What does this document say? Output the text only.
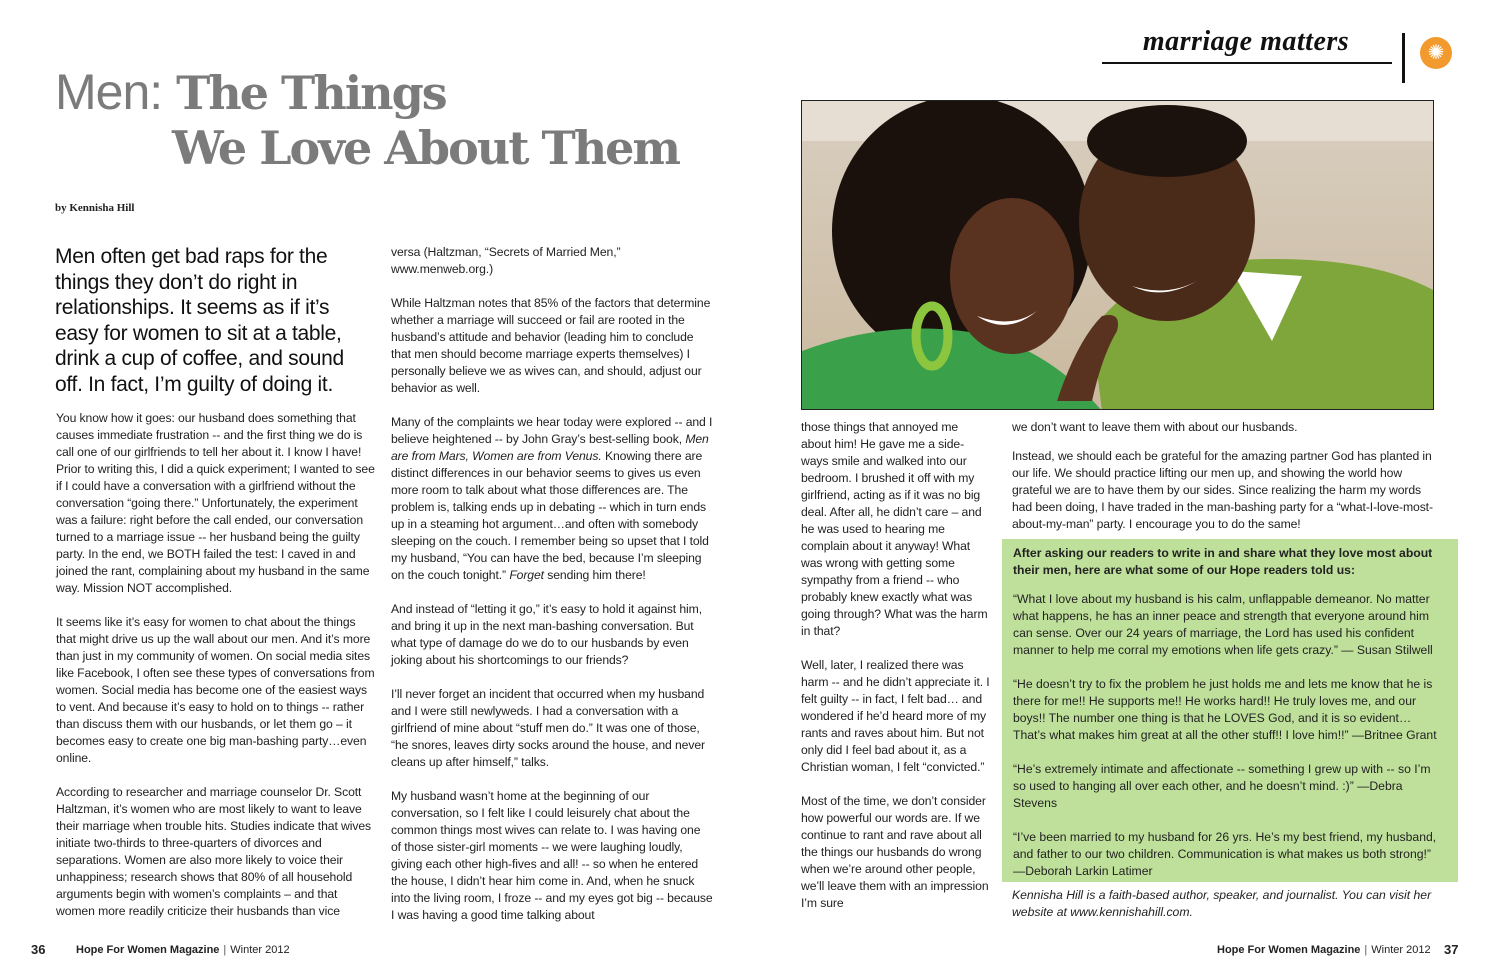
marriage matters	✺
Men: The Things
We Love About Them
by Kennisha Hill
Men often get bad raps for the things they don’t do right in relationships. It seems as if it’s easy for women to sit at a table, drink a cup of coffee, and sound off. In fact, I’m guilty of doing it.

You know how it goes: our husband does something that causes immediate frustration -- and the first thing we do is call one of our girlfriends to tell her about it. I know I have! Prior to writing this, I did a quick experiment; I wanted to see if I could have a conversation with a girlfriend without the conversation “going there.” Unfortunately, the experiment was a failure: right before the call ended, our conversation turned to a marriage issue -- her husband being the guilty party. In the end, we BOTH failed the test: I caved in and joined the rant, complaining about my husband in the same way. Mission NOT accomplished.

It seems like it’s easy for women to chat about the things that might drive us up the wall about our men. And it’s more than just in my community of women. On social media sites like Facebook, I often see these types of conversations from women. Social media has become one of the easiest ways to vent. And because it’s easy to hold on to things -- rather than discuss them with our husbands, or let them go – it becomes easy to create one big man-bashing party…even online.

According to researcher and marriage counselor Dr. Scott Haltzman, it’s women who are most likely to want to leave their marriage when trouble hits. Studies indicate that wives initiate two-thirds to three-quarters of divorces and separations. Women are also more likely to voice their unhappiness; research shows that 80% of all household arguments begin with women’s complaints – and that women more readily criticize their husbands than vice

versa (Haltzman, “Secrets of Married Men,” www.menweb.org.)

While Haltzman notes that 85% of the factors that determine whether a marriage will succeed or fail are rooted in the husband’s attitude and behavior (leading him to conclude that men should become marriage experts themselves) I personally believe we as wives can, and should, adjust our behavior as well.

Many of the complaints we hear today were explored -- and I believe heightened -- by John Gray’s best-selling book, Men are from Mars, Women are from Venus. Knowing there are distinct differences in our behavior seems to gives us even more room to talk about what those differences are. The problem is, talking ends up in debating -- which in turn ends up in a steaming hot argument…and often with somebody sleeping on the couch. I remember being so upset that I told my husband, “You can have the bed, because I’m sleeping on the couch tonight.” Forget sending him there!

And instead of “letting it go,” it’s easy to hold it against him, and bring it up in the next man-bashing conversation. But what type of damage do we do to our husbands by even joking about his shortcomings to our friends?

I’ll never forget an incident that occurred when my husband and I were still newlyweds. I had a conversation with a girlfriend of mine about “stuff men do.” It was one of those, “he snores, leaves dirty socks around the house, and never cleans up after himself,” talks.

My husband wasn’t home at the beginning of our conversation, so I felt like I could leisurely chat about the common things most wives can relate to. I was having one of those sister-girl moments -- we were laughing loudly, giving each other high-fives and all! -- so when he entered the house, I didn’t hear him come in. And, when he snuck into the living room, I froze -- and my eyes got big -- because I was having a good time talking about

those things that annoyed me about him! He gave me a side-ways smile and walked into our bedroom. I brushed it off with my girlfriend, acting as if it was no big deal. After all, he didn’t care – and he was used to hearing me complain about it anyway! What was wrong with getting some sympathy from a friend -- who probably knew exactly what was going through? What was the harm in that?

Well, later, I realized there was harm -- and he didn’t appreciate it. I felt guilty -- in fact, I felt bad… and wondered if he’d heard more of my rants and raves about him. But not only did I feel bad about it, as a Christian woman, I felt “convicted.”

Most of the time, we don’t consider how powerful our words are. If we continue to rant and rave about all the things our husbands do wrong when we’re around other people, we’ll leave them with an impression I’m sure

we don’t want to leave them with about our husbands.

Instead, we should each be grateful for the amazing partner God has planted in our life. We should practice lifting our men up, and showing the world how grateful we are to have them by our sides. Since realizing the harm my words had been doing, I have traded in the man-bashing party for a “what-I-love-most-about-my-man” party. I encourage you to do the same!

After asking our readers to write in and share what they love most about their men, here are what some of our Hope readers told us:

“What I love about my husband is his calm, unflappable demeanor. No matter what happens, he has an inner peace and strength that everyone around him can sense. Over our 24 years of marriage, the Lord has used his confident manner to help me corral my emotions when life gets crazy.” — Susan Stilwell

“He doesn’t try to fix the problem he just holds me and lets me know that he is there for me!! He supports me!! He works hard!! He truly loves me, and our boys!! The number one thing is that he LOVES God, and it is so evident… That’s what makes him great at all the other stuff!! I love him!!” —Britnee Grant

“He’s extremely intimate and affectionate -- something I grew up with -- so I’m so used to hanging all over each other, and he doesn’t mind. :)” —Debra Stevens

“I’ve been married to my husband for 26 yrs. He’s my best friend, my husband, and father to our two children. Communication is what makes us both strong!” —Deborah Larkin Latimer

Kennisha Hill is a faith-based author, speaker, and journalist. You can visit her website at www.kennishahill.com.
36	Hope For Women Magazine | Winter 2012	Hope For Women Magazine | Winter 2012 37
